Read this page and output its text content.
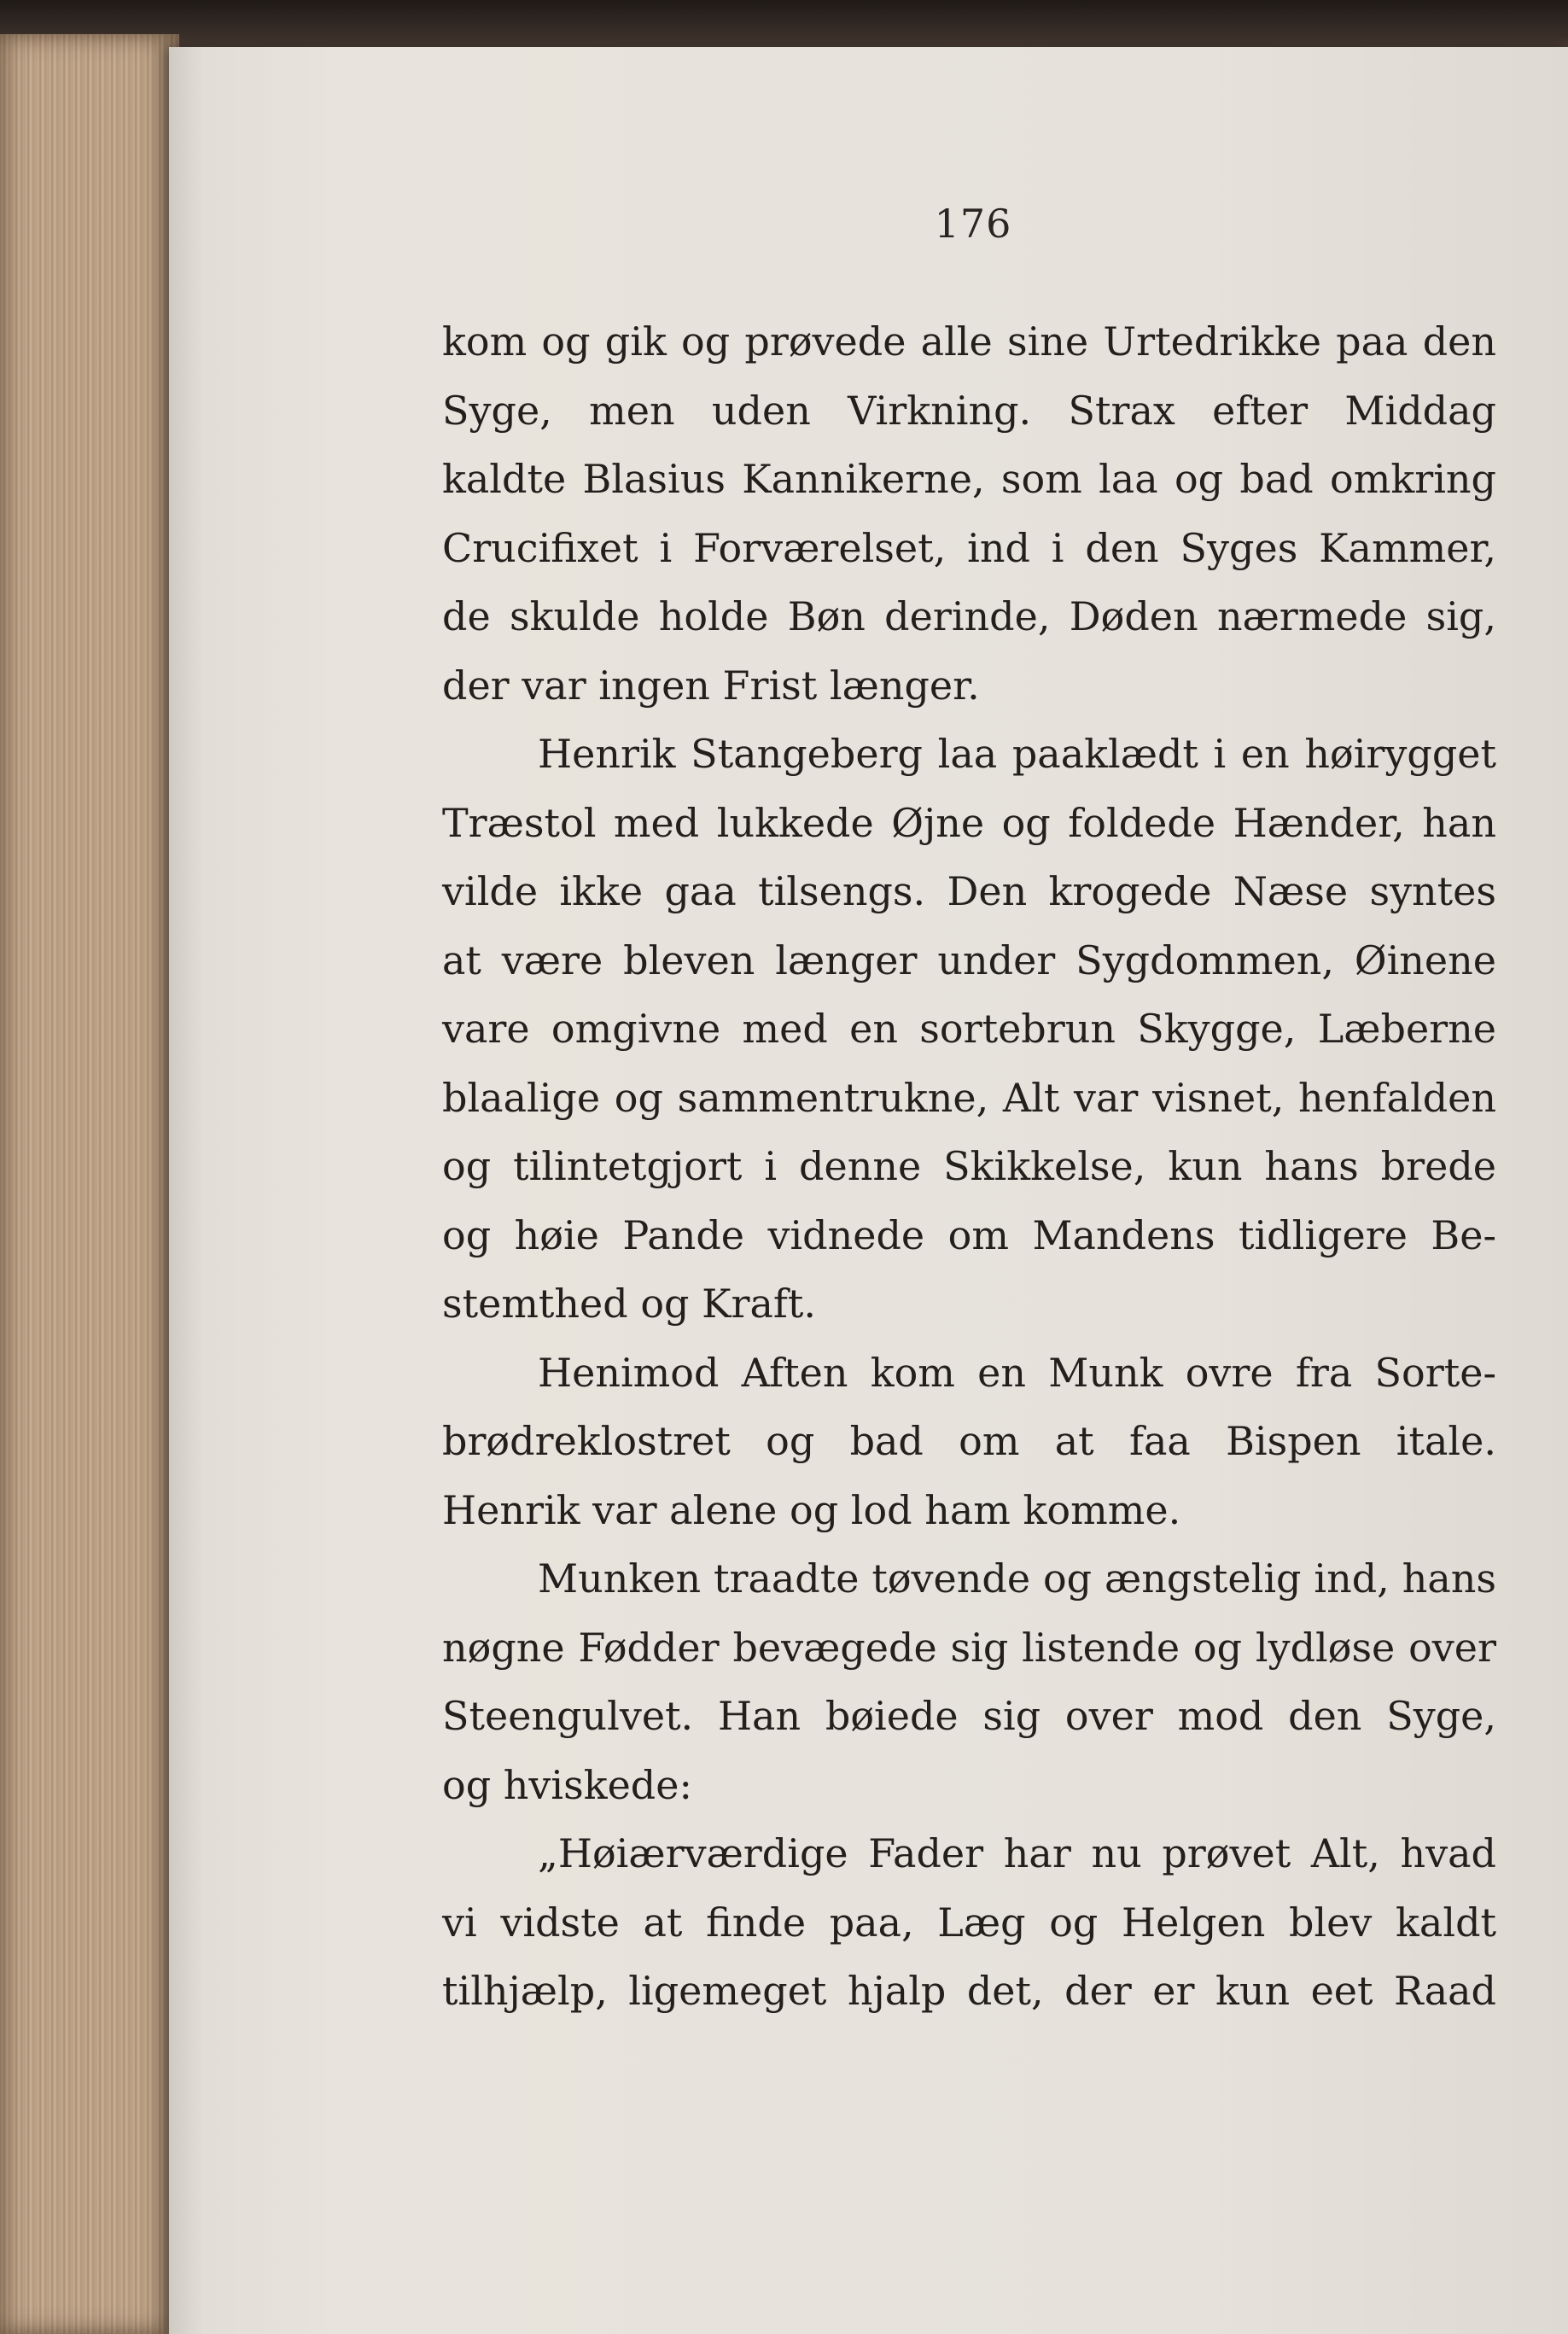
176
kom og gik og prøvede alle sine Urtedrikke paa den
Syge, men uden Virkning. Strax efter Middag
kaldte Blasius Kannikerne, som laa og bad omkring
Crucifixet i Forværelset, ind i den Syges Kammer,
de skulde holde Bøn derinde, Døden nærmede sig,
der var ingen Frist længer.
Henrik Stangeberg laa paaklædt i en høirygget
Træstol med lukkede Øjne og foldede Hænder, han
vilde ikke gaa tilsengs. Den krogede Næse syntes
at være bleven længer under Sygdommen, Øinene
vare omgivne med en sortebrun Skygge, Læberne
blaalige og sammentrukne, Alt var visnet, henfalden
og tilintetgjort i denne Skikkelse, kun hans brede
og høie Pande vidnede om Mandens tidligere Be-
stemthed og Kraft.
Henimod Aften kom en Munk ovre fra Sorte-
brødreklostret og bad om at faa Bispen itale.
Henrik var alene og lod ham komme.
Munken traadte tøvende og ængstelig ind, hans
nøgne Fødder bevægede sig listende og lydløse over
Steengulvet. Han bøiede sig over mod den Syge,
og hviskede:
„Høiærværdige Fader har nu prøvet Alt, hvad
vi vidste at finde paa, Læg og Helgen blev kaldt
tilhjælp, ligemeget hjalp det, der er kun eet Raad
